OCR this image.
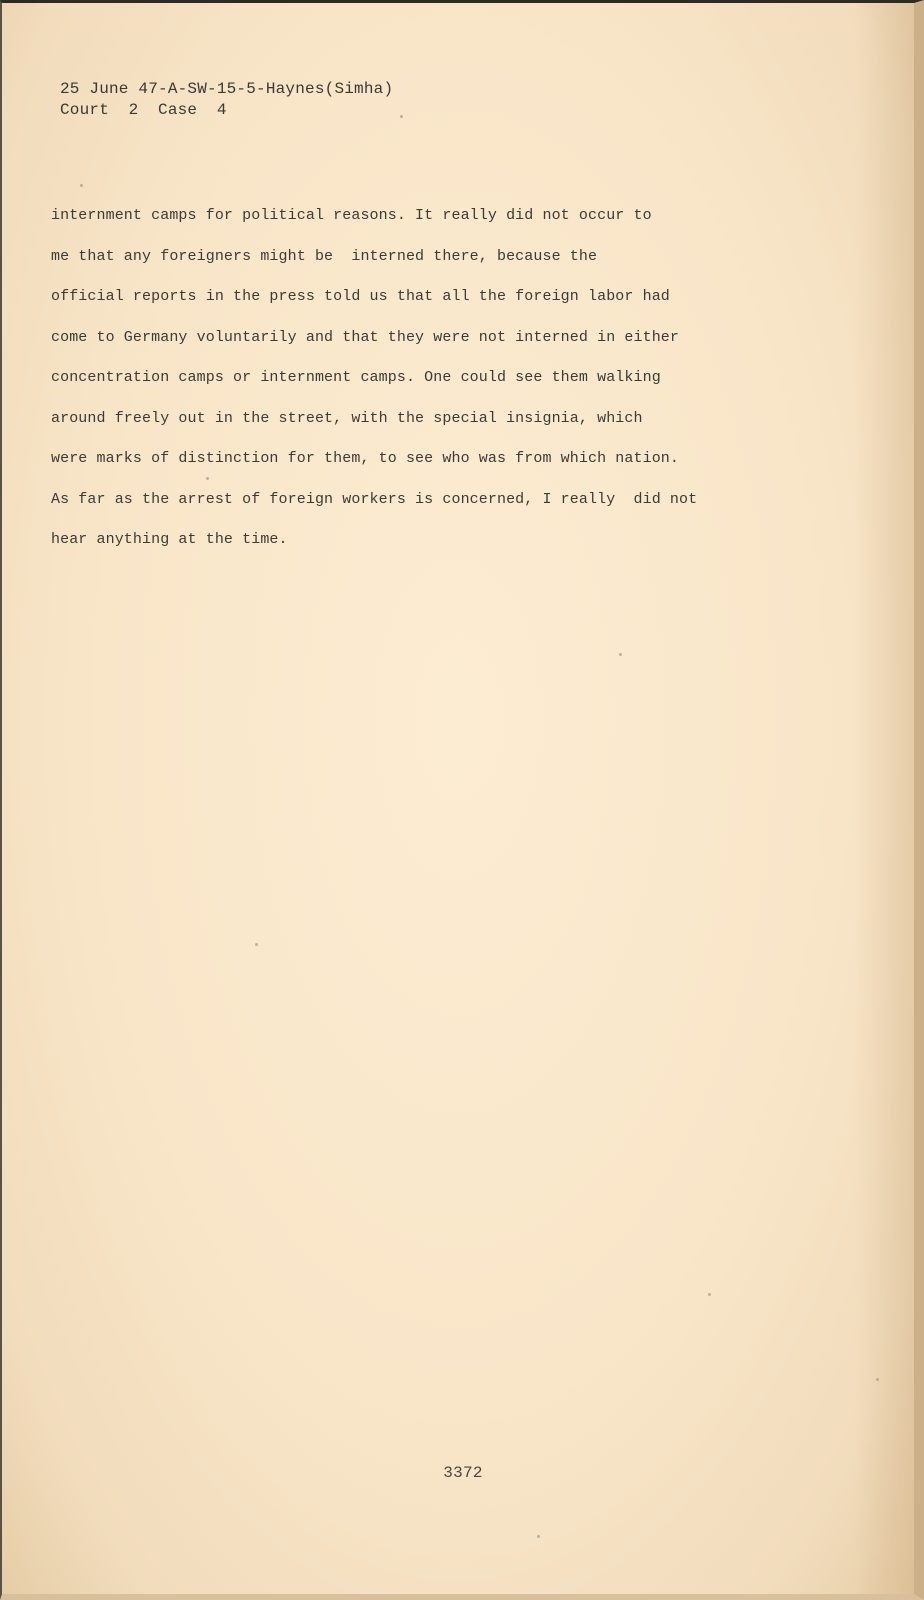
25 June 47-A-SW-15-5-Haynes(Simha)
Court  2  Case  4
internment camps for political reasons. It really did not occur to
me that any foreigners might be  interned there, because the
official reports in the press told us that all the foreign labor had
come to Germany voluntarily and that they were not interned in either
concentration camps or internment camps. One could see them walking
around freely out in the street, with the special insignia, which
were marks of distinction for them, to see who was from which nation.
As far as the arrest of foreign workers is concerned, I really  did not
hear anything at the time.
3372
